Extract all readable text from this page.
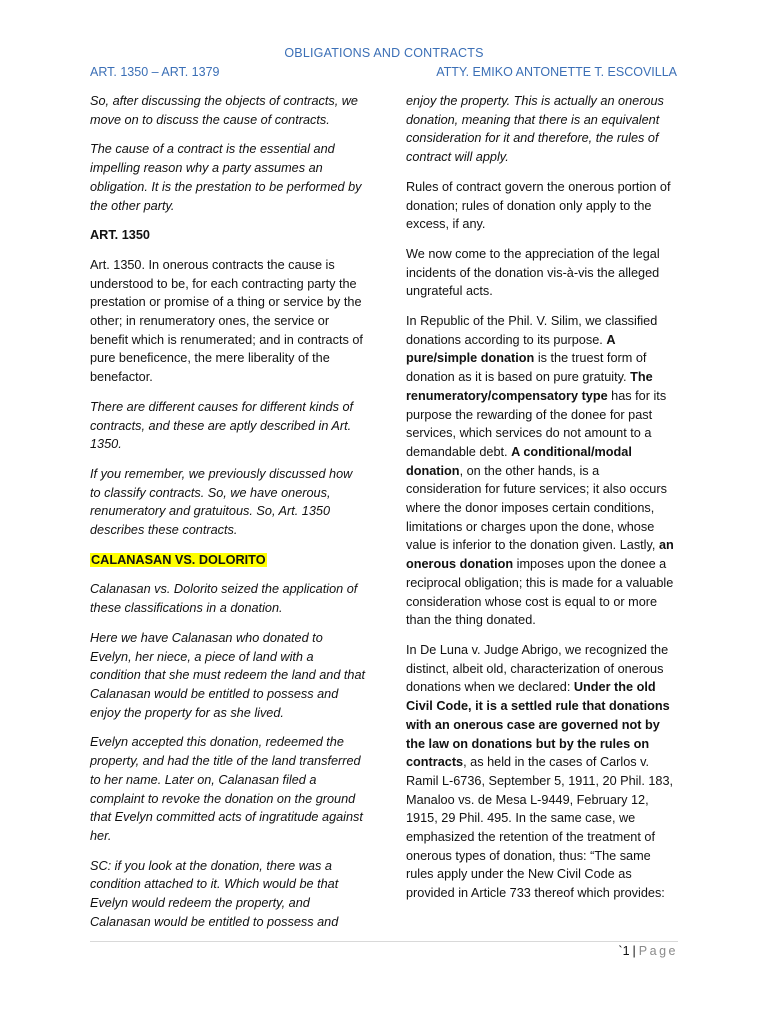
OBLIGATIONS AND CONTRACTS
ART. 1350 – ART. 1379	ATTY. EMIKO ANTONETTE T. ESCOVILLA

So, after discussing the objects of contracts, we move on to discuss the cause of contracts.

The cause of a contract is the essential and impelling reason why a party assumes an obligation. It is the prestation to be performed by the other party.

ART. 1350

Art. 1350. In onerous contracts the cause is understood to be, for each contracting party the prestation or promise of a thing or service by the other; in renumeratory ones, the service or benefit which is renumerated; and in contracts of pure beneficence, the mere liberality of the benefactor.

There are different causes for different kinds of contracts, and these are aptly described in Art. 1350.

If you remember, we previously discussed how to classify contracts. So, we have onerous, renumeratory and gratuitous. So, Art. 1350 describes these contracts.

CALANASAN VS. DOLORITO

Calanasan vs. Dolorito seized the application of these classifications in a donation.

Here we have Calanasan who donated to Evelyn, her niece, a piece of land with a condition that she must redeem the land and that Calanasan would be entitled to possess and enjoy the property for as she lived.

Evelyn accepted this donation, redeemed the property, and had the title of the land transferred to her name. Later on, Calanasan filed a complaint to revoke the donation on the ground that Evelyn committed acts of ingratitude against her.

SC: if you look at the donation, there was a condition attached to it. Which would be that Evelyn would redeem the property, and Calanasan would be entitled to possess and

enjoy the property. This is actually an onerous donation, meaning that there is an equivalent consideration for it and therefore, the rules of contract will apply.

Rules of contract govern the onerous portion of donation; rules of donation only apply to the excess, if any.

We now come to the appreciation of the legal incidents of the donation vis-à-vis the alleged ungrateful acts.

In Republic of the Phil. V. Silim, we classified donations according to its purpose. A pure/simple donation is the truest form of donation as it is based on pure gratuity. The renumeratory/compensatory type has for its purpose the rewarding of the donee for past services, which services do not amount to a demandable debt. A conditional/modal donation, on the other hands, is a consideration for future services; it also occurs where the donor imposes certain conditions, limitations or charges upon the done, whose value is inferior to the donation given. Lastly, an onerous donation imposes upon the donee a reciprocal obligation; this is made for a valuable consideration whose cost is equal to or more than the thing donated.

In De Luna v. Judge Abrigo, we recognized the distinct, albeit old, characterization of onerous donations when we declared: Under the old Civil Code, it is a settled rule that donations with an onerous case are governed not by the law on donations but by the rules on contracts, as held in the cases of Carlos v. Ramil L-6736, September 5, 1911, 20 Phil. 183, Manaloo vs. de Mesa L-9449, February 12, 1915, 29 Phil. 495. In the same case, we emphasized the retention of the treatment of onerous types of donation, thus: “The same rules apply under the New Civil Code as provided in Article 733 thereof which provides:

`1 | Page
